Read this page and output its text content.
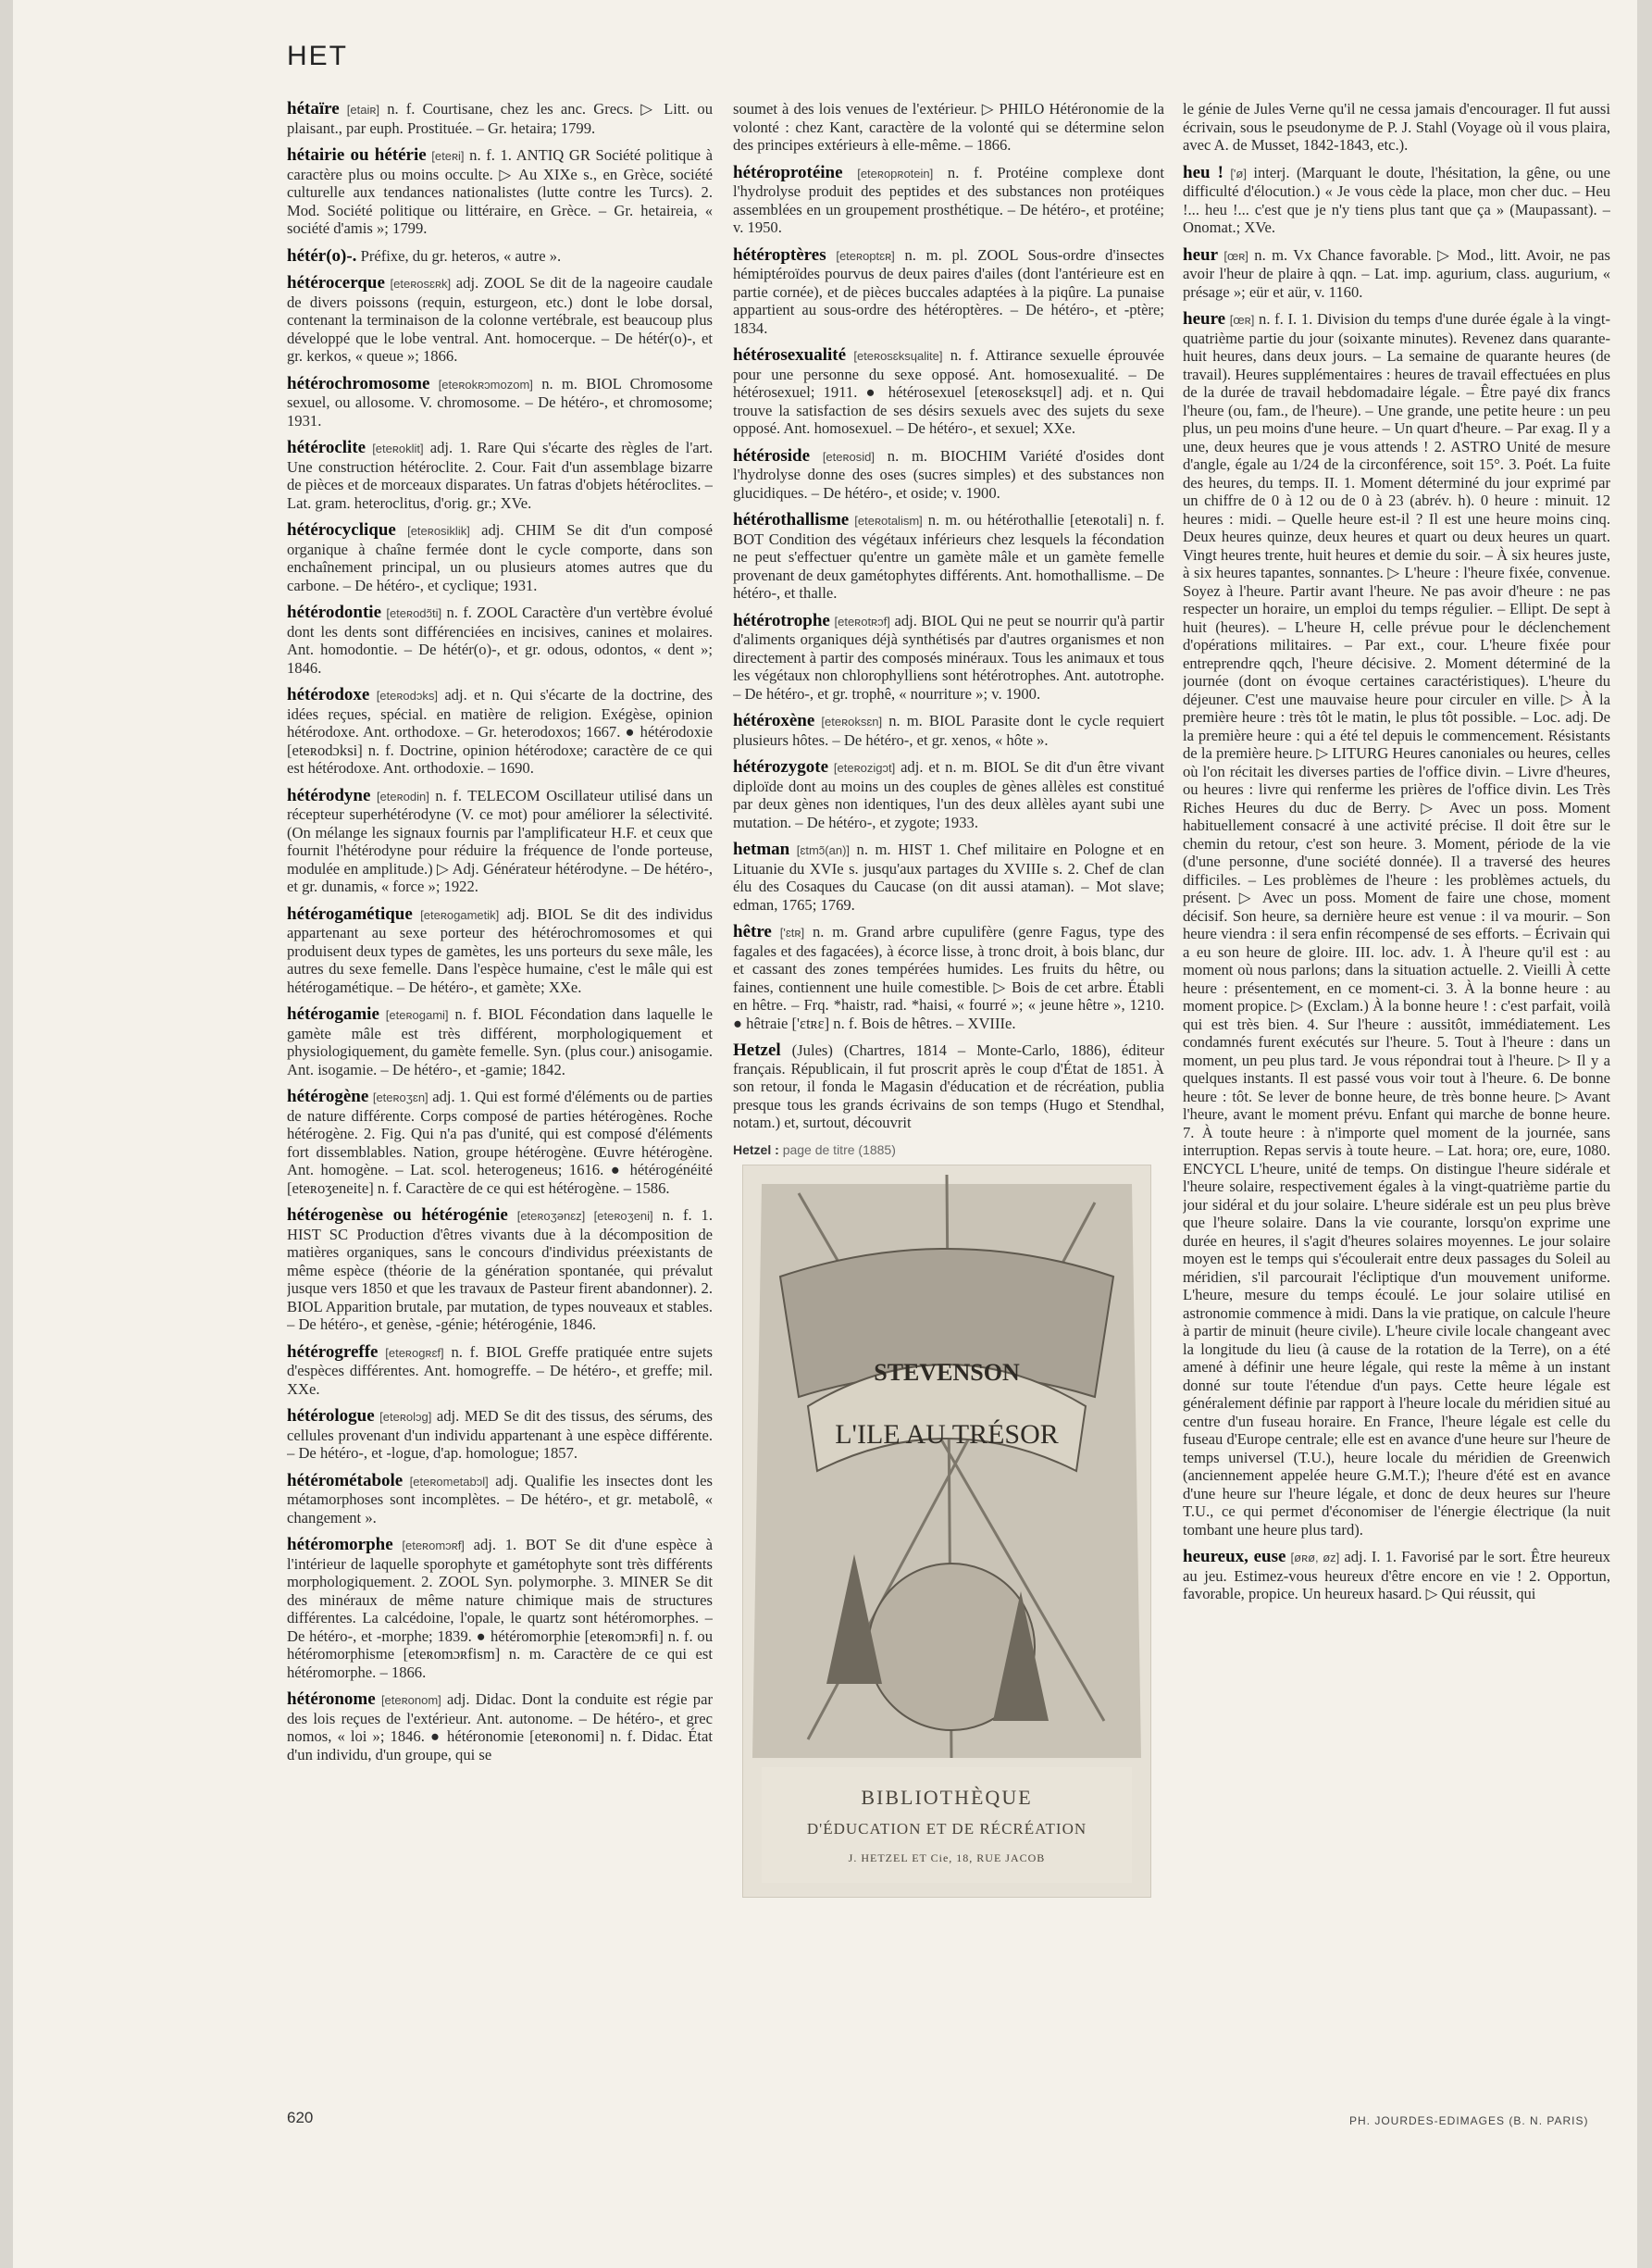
HET

hétaïre [etaiʀ] n. f. Courtisane, chez les anc. Grecs. ▷ Litt. ou plaisant., par euph. Prostituée. – Gr. hetaira; 1799.

hétairie ou hétérie [eteʀi] n. f. 1. ANTIQ GR Société politique à caractère plus ou moins occulte. ▷ Au XIXe s., en Grèce, société culturelle aux tendances nationalistes (lutte contre les Turcs). 2. Mod. Société politique ou littéraire, en Grèce. – Gr. hetaireia, « société d'amis »; 1799.

hétér(o)-. Préfixe, du gr. heteros, « autre ».

hétérocerque [eteʀosɛʀk] adj. ZOOL Se dit de la nageoire caudale de divers poissons (requin, esturgeon, etc.) dont le lobe dorsal, contenant la terminaison de la colonne vertébrale, est beaucoup plus développé que le lobe ventral. Ant. homocerque. – De hétér(o)-, et gr. kerkos, « queue »; 1866.

hétérochromosome [eteʀokʀɔmozom] n. m. BIOL Chromosome sexuel, ou allosome. V. chromosome. – De hétéro-, et chromosome; 1931.

hétéroclite [eteʀoklit] adj. 1. Rare Qui s'écarte des règles de l'art. Une construction hétéroclite. 2. Cour. Fait d'un assemblage bizarre de pièces et de morceaux disparates. Un fatras d'objets hétéroclites. – Lat. gram. heteroclitus, d'orig. gr.; XVe.

hétérocyclique [eteʀosiklik] adj. CHIM Se dit d'un composé organique à chaîne fermée dont le cycle comporte, dans son enchaînement principal, un ou plusieurs atomes autres que du carbone. – De hétéro-, et cyclique; 1931.

hétérodontie [eteʀodɔ̃ti] n. f. ZOOL Caractère d'un vertèbre évolué dont les dents sont différenciées en incisives, canines et molaires. Ant. homodontie. – De hétér(o)-, et gr. odous, odontos, « dent »; 1846.

hétérodoxe [eteʀodɔks] adj. et n. Qui s'écarte de la doctrine, des idées reçues, spécial. en matière de religion. Exégèse, opinion hétérodoxe. Ant. orthodoxe. – Gr. heterodoxos; 1667. ● hétérodoxie [eteʀodɔksi] n. f. Doctrine, opinion hétérodoxe; caractère de ce qui est hétérodoxe. Ant. orthodoxie. – 1690.

hétérodyne [eteʀodin] n. f. TELECOM Oscillateur utilisé dans un récepteur superhétérodyne (V. ce mot) pour améliorer la sélectivité. (On mélange les signaux fournis par l'amplificateur H.F. et ceux que fournit l'hétérodyne pour réduire la fréquence de l'onde porteuse, modulée en amplitude.) ▷ Adj. Générateur hétérodyne. – De hétéro-, et gr. dunamis, « force »; 1922.

hétérogamétique [eteʀogametik] adj. BIOL Se dit des individus appartenant au sexe porteur des hétérochromosomes et qui produisent deux types de gamètes, les uns porteurs du sexe mâle, les autres du sexe femelle. Dans l'espèce humaine, c'est le mâle qui est hétérogamétique. – De hétéro-, et gamète; XXe.

hétérogamie [eteʀogami] n. f. BIOL Fécondation dans laquelle le gamète mâle est très différent, morphologiquement et physiologiquement, du gamète femelle. Syn. (plus cour.) anisogamie. Ant. isogamie. – De hétéro-, et -gamie; 1842.

hétérogène [eteʀoʒɛn] adj. 1. Qui est formé d'éléments ou de parties de nature différente. Corps composé de parties hétérogènes. Roche hétérogène. 2. Fig. Qui n'a pas d'unité, qui est composé d'éléments fort dissemblables. Nation, groupe hétérogène. Œuvre hétérogène. Ant. homogène. – Lat. scol. heterogeneus; 1616. ● hétérogénéité [eteʀoʒeneite] n. f. Caractère de ce qui est hétérogène. – 1586.

hétérogenèse ou hétérogénie [eteʀoʒənɛz] [eteʀoʒeni] n. f. 1. HIST SC Production d'êtres vivants due à la décomposition de matières organiques, sans le concours d'individus préexistants de même espèce (théorie de la génération spontanée, qui prévalut jusque vers 1850 et que les travaux de Pasteur firent abandonner). 2. BIOL Apparition brutale, par mutation, de types nouveaux et stables. – De hétéro-, et genèse, -génie; hétérogénie, 1846.

hétérogreffe [eteʀogʀɛf] n. f. BIOL Greffe pratiquée entre sujets d'espèces différentes. Ant. homogreffe. – De hétéro-, et greffe; mil. XXe.

hétérologue [eteʀolɔg] adj. MED Se dit des tissus, des sérums, des cellules provenant d'un individu appartenant à une espèce différente. – De hétéro-, et -logue, d'ap. homologue; 1857.

hétérométabole [eteʀometabɔl] adj. Qualifie les insectes dont les métamorphoses sont incomplètes. – De hétéro-, et gr. metabolê, « changement ».

hétéromorphe [eteʀomɔʀf] adj. 1. BOT Se dit d'une espèce à l'intérieur de laquelle sporophyte et gamétophyte sont très différents morphologiquement. 2. ZOOL Syn. polymorphe. 3. MINER Se dit des minéraux de même nature chimique mais de structures différentes. La calcédoine, l'opale, le quartz sont hétéromorphes. – De hétéro-, et -morphe; 1839. ● hétéromorphie [eteʀomɔʀfi] n. f. ou hétéromorphisme [eteʀomɔʀfism] n. m. Caractère de ce qui est hétéromorphe. – 1866.

hétéronome [eteʀonom] adj. Didac. Dont la conduite est régie par des lois reçues de l'extérieur. Ant. autonome. – De hétéro-, et grec nomos, « loi »; 1846. ● hétéronomie [eteʀonomi] n. f. Didac. État d'un individu, d'un groupe, qui se

soumet à des lois venues de l'extérieur. ▷ PHILO Hétéronomie de la volonté : chez Kant, caractère de la volonté qui se détermine selon des principes extérieurs à elle-même. – 1866.

hétéroprotéine [eteʀopʀotein] n. f. Protéine complexe dont l'hydrolyse produit des peptides et des substances non protéiques assemblées en un groupement prosthétique. – De hétéro-, et protéine; v. 1950.

hétéroptères [eteʀoptɛʀ] n. m. pl. ZOOL Sous-ordre d'insectes hémiptéroïdes pourvus de deux paires d'ailes (dont l'antérieure est en partie cornée), et de pièces buccales adaptées à la piqûre. La punaise appartient au sous-ordre des hétéroptères. – De hétéro-, et -ptère; 1834.

hétérosexualité [eteʀosɛksɥalite] n. f. Attirance sexuelle éprouvée pour une personne du sexe opposé. Ant. homosexualité. – De hétérosexuel; 1911. ● hétérosexuel [eteʀosɛksɥɛl] adj. et n. Qui trouve la satisfaction de ses désirs sexuels avec des sujets du sexe opposé. Ant. homosexuel. – De hétéro-, et sexuel; XXe.

hétéroside [eteʀosid] n. m. BIOCHIM Variété d'osides dont l'hydrolyse donne des oses (sucres simples) et des substances non glucidiques. – De hétéro-, et oside; v. 1900.

hétérothallisme [eteʀotalism] n. m. ou hétérothallie [eteʀotali] n. f. BOT Condition des végétaux inférieurs chez lesquels la fécondation ne peut s'effectuer qu'entre un gamète mâle et un gamète femelle provenant de deux gamétophytes différents. Ant. homothallisme. – De hétéro-, et thalle.

hétérotrophe [eteʀotʀɔf] adj. BIOL Qui ne peut se nourrir qu'à partir d'aliments organiques déjà synthétisés par d'autres organismes et non directement à partir des composés minéraux. Tous les animaux et tous les végétaux non chlorophylliens sont hétérotrophes. Ant. autotrophe. – De hétéro-, et gr. trophê, « nourriture »; v. 1900.

hétéroxène [eteʀoksɛn] n. m. BIOL Parasite dont le cycle requiert plusieurs hôtes. – De hétéro-, et gr. xenos, « hôte ».

hétérozygote [eteʀozigɔt] adj. et n. m. BIOL Se dit d'un être vivant diploïde dont au moins un des couples de gènes allèles est constitué par deux gènes non identiques, l'un des deux allèles ayant subi une mutation. – De hétéro-, et zygote; 1933.

hetman [ɛtmɔ̃(an)] n. m. HIST 1. Chef militaire en Pologne et en Lituanie du XVIe s. jusqu'aux partages du XVIIIe s. 2. Chef de clan élu des Cosaques du Caucase (on dit aussi ataman). – Mot slave; edman, 1765; 1769.

hêtre ['ɛtʀ] n. m. Grand arbre cupulifère (genre Fagus, type des fagales et des fagacées), à écorce lisse, à tronc droit, à bois blanc, dur et cassant des zones tempérées humides. Les fruits du hêtre, ou faines, contiennent une huile comestible. ▷ Bois de cet arbre. Établi en hêtre. – Frq. *haistr, rad. *haisi, « fourré »; « jeune hêtre », 1210. ● hêtraie ['ɛtʀɛ] n. f. Bois de hêtres. – XVIIIe.

Hetzel (Jules) (Chartres, 1814 – Monte-Carlo, 1886), éditeur français. Républicain, il fut proscrit après le coup d'État de 1851. À son retour, il fonda le Magasin d'éducation et de récréation, publia presque tous les grands écrivains de son temps (Hugo et Stendhal, notam.) et, surtout, découvrit

Hetzel : page de titre (1885)
STEVENSON
L'ILE AU TRÉSOR
BIBLIOTHÈQUE
D'ÉDUCATION ET DE RÉCRÉATION
J. HETZEL ET Cie, 18, RUE JACOB

le génie de Jules Verne qu'il ne cessa jamais d'encourager. Il fut aussi écrivain, sous le pseudonyme de P. J. Stahl (Voyage où il vous plaira, avec A. de Musset, 1842-1843, etc.).

heu ! ['ø] interj. (Marquant le doute, l'hésitation, la gêne, ou une difficulté d'élocution.) « Je vous cède la place, mon cher duc. – Heu !... heu !... c'est que je n'y tiens plus tant que ça » (Maupassant). – Onomat.; XVe.

heur [œʀ] n. m. Vx Chance favorable. ▷ Mod., litt. Avoir, ne pas avoir l'heur de plaire à qqn. – Lat. imp. agurium, class. augurium, « présage »; eür et aür, v. 1160.

heure [œʀ] n. f. I. 1. Division du temps d'une durée égale à la vingt-quatrième partie du jour (soixante minutes). Revenez dans quarante-huit heures, dans deux jours. – La semaine de quarante heures (de travail). Heures supplémentaires : heures de travail effectuées en plus de la durée de travail hebdomadaire légale. – Être payé dix francs l'heure (ou, fam., de l'heure). – Une grande, une petite heure : un peu plus, un peu moins d'une heure. – Un quart d'heure. – Par exag. Il y a une, deux heures que je vous attends ! 2. ASTRO Unité de mesure d'angle, égale au 1/24 de la circonférence, soit 15°. 3. Poét. La fuite des heures, du temps. II. 1. Moment déterminé du jour exprimé par un chiffre de 0 à 12 ou de 0 à 23 (abrév. h). 0 heure : minuit. 12 heures : midi. – Quelle heure est-il ? Il est une heure moins cinq. Deux heures quinze, deux heures et quart ou deux heures un quart. Vingt heures trente, huit heures et demie du soir. – À six heures juste, à six heures tapantes, sonnantes. ▷ L'heure : l'heure fixée, convenue. Soyez à l'heure. Partir avant l'heure. Ne pas avoir d'heure : ne pas respecter un horaire, un emploi du temps régulier. – Ellipt. De sept à huit (heures). – L'heure H, celle prévue pour le déclenchement d'opérations militaires. – Par ext., cour. L'heure fixée pour entreprendre qqch, l'heure décisive. 2. Moment déterminé de la journée (dont on évoque certaines caractéristiques). L'heure du déjeuner. C'est une mauvaise heure pour circuler en ville. ▷ À la première heure : très tôt le matin, le plus tôt possible. – Loc. adj. De la première heure : qui a été tel depuis le commencement. Résistants de la première heure. ▷ LITURG Heures canoniales ou heures, celles où l'on récitait les diverses parties de l'office divin. – Livre d'heures, ou heures : livre qui renferme les prières de l'office divin. Les Très Riches Heures du duc de Berry. ▷ Avec un poss. Moment habituellement consacré à une activité précise. Il doit être sur le chemin du retour, c'est son heure. 3. Moment, période de la vie (d'une personne, d'une société donnée). Il a traversé des heures difficiles. – Les problèmes de l'heure : les problèmes actuels, du présent. ▷ Avec un poss. Moment de faire une chose, moment décisif. Son heure, sa dernière heure est venue : il va mourir. – Son heure viendra : il sera enfin récompensé de ses efforts. – Écrivain qui a eu son heure de gloire. III. loc. adv. 1. À l'heure qu'il est : au moment où nous parlons; dans la situation actuelle. 2. Vieilli À cette heure : présentement, en ce moment-ci. 3. À la bonne heure : au moment propice. ▷ (Exclam.) À la bonne heure ! : c'est parfait, voilà qui est très bien. 4. Sur l'heure : aussitôt, immédiatement. Les condamnés furent exécutés sur l'heure. 5. Tout à l'heure : dans un moment, un peu plus tard. Je vous répondrai tout à l'heure. ▷ Il y a quelques instants. Il est passé vous voir tout à l'heure. 6. De bonne heure : tôt. Se lever de bonne heure, de très bonne heure. ▷ Avant l'heure, avant le moment prévu. Enfant qui marche de bonne heure. 7. À toute heure : à n'importe quel moment de la journée, sans interruption. Repas servis à toute heure. – Lat. hora; ore, eure, 1080. ENCYCL L'heure, unité de temps. On distingue l'heure sidérale et l'heure solaire, respectivement égales à la vingt-quatrième partie du jour sidéral et du jour solaire. L'heure sidérale est un peu plus brève que l'heure solaire. Dans la vie courante, lorsqu'on exprime une durée en heures, il s'agit d'heures solaires moyennes. Le jour solaire moyen est le temps qui s'écoulerait entre deux passages du Soleil au méridien, s'il parcourait l'écliptique d'un mouvement uniforme. L'heure, mesure du temps écoulé. Le jour solaire utilisé en astronomie commence à midi. Dans la vie pratique, on calcule l'heure à partir de minuit (heure civile). L'heure civile locale changeant avec la longitude du lieu (à cause de la rotation de la Terre), on a été amené à définir une heure légale, qui reste la même à un instant donné sur toute l'étendue d'un pays. Cette heure légale est généralement définie par rapport à l'heure locale du méridien situé au centre d'un fuseau horaire. En France, l'heure légale est celle du fuseau d'Europe centrale; elle est en avance d'une heure sur l'heure de temps universel (T.U.), heure locale du méridien de Greenwich (anciennement appelée heure G.M.T.); l'heure d'été est en avance d'une heure sur l'heure légale, et donc de deux heures sur l'heure T.U., ce qui permet d'économiser de l'énergie électrique (la nuit tombant une heure plus tard).

heureux, euse [øʀø, øz] adj. I. 1. Favorisé par le sort. Être heureux au jeu. Estimez-vous heureux d'être encore en vie ! 2. Opportun, favorable, propice. Un heureux hasard. ▷ Qui réussit, qui

620	PH. JOURDES-EDIMAGES (B. N. PARIS)
